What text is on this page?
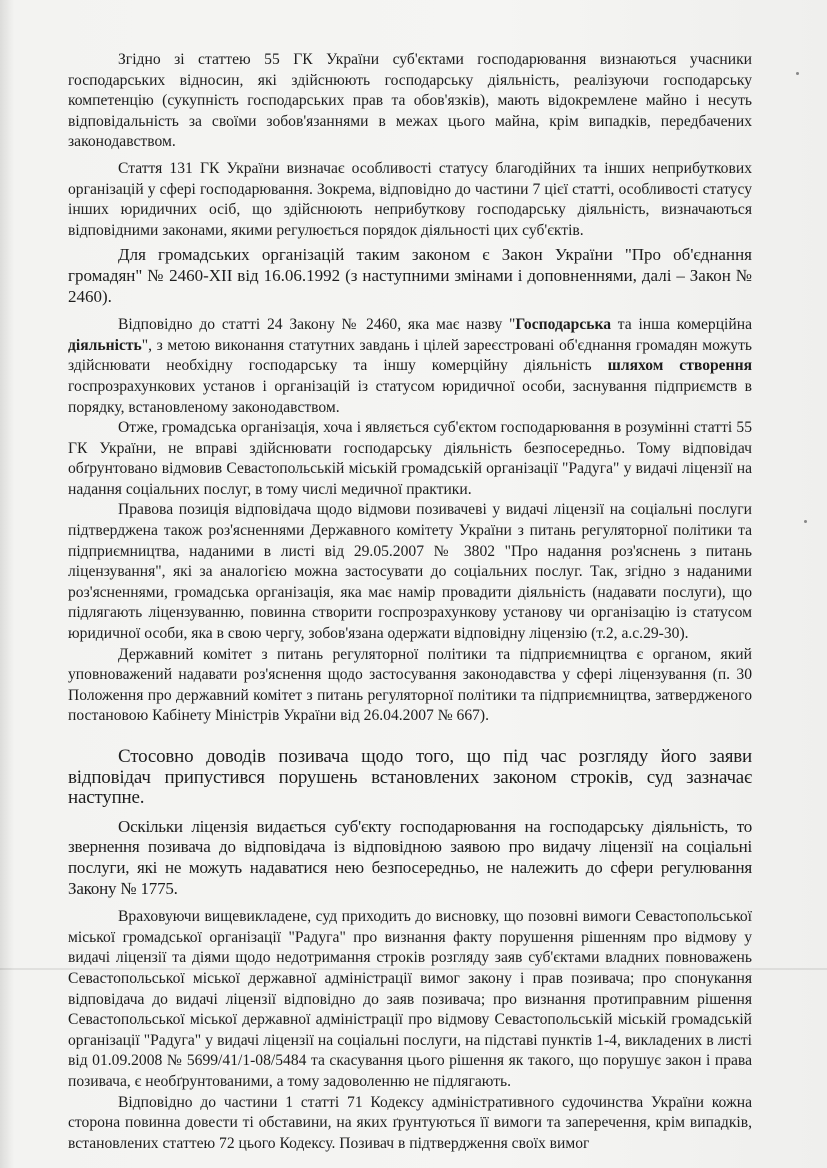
Згідно зі статтею 55 ГК України суб'єктами господарювання визнаються учасники господарських відносин, які здійснюють господарську діяльність, реалізуючи господарську компетенцію (сукупність господарських прав та обов'язків), мають відокремлене майно і несуть відповідальність за своїми зобов'язаннями в межах цього майна, крім випадків, передбачених законодавством.

Стаття 131 ГК України визначає особливості статусу благодійних та інших неприбуткових організацій у сфері господарювання. Зокрема, відповідно до частини 7 цієї статті, особливості статусу інших юридичних осіб, що здійснюють неприбуткову господарську діяльність, визначаються відповідними законами, якими регулюється порядок діяльності цих суб'єктів.

Для громадських організацій таким законом є Закон України "Про об'єднання громадян" № 2460-XII від 16.06.1992 (з наступними змінами і доповненнями, далі – Закон № 2460).

Відповідно до статті 24 Закону № 2460, яка має назву "Господарська та інша комерційна діяльність", з метою виконання статутних завдань і цілей зареєстровані об'єднання громадян можуть здійснювати необхідну господарську та іншу комерційну діяльність шляхом створення госпрозрахункових установ і організацій із статусом юридичної особи, заснування підприємств в порядку, встановленому законодавством.

Отже, громадська організація, хоча і являється суб'єктом господарювання в розумінні статті 55 ГК України, не вправі здійснювати господарську діяльність безпосередньо. Тому відповідач обґрунтовано відмовив Севастопольській міській громадській організації "Радуга" у видачі ліцензії на надання соціальних послуг, в тому числі медичної практики.

Правова позиція відповідача щодо відмови позивачеві у видачі ліцензії на соціальні послуги підтверджена також роз'ясненнями Державного комітету України з питань регуляторної політики та підприємництва, наданими в листі від 29.05.2007 № 3802 "Про надання роз'яснень з питань ліцензування", які за аналогією можна застосувати до соціальних послуг. Так, згідно з наданими роз'ясненнями, громадська організація, яка має намір провадити діяльність (надавати послуги), що підлягають ліцензуванню, повинна створити госпрозрахункову установу чи організацію із статусом юридичної особи, яка в свою чергу, зобов'язана одержати відповідну ліцензію (т.2, а.с.29-30).

Державний комітет з питань регуляторної політики та підприємництва є органом, який уповноважений надавати роз'яснення щодо застосування законодавства у сфері ліцензування (п. 30 Положення про державний комітет з питань регуляторної політики та підприємництва, затвердженого постановою Кабінету Міністрів України від 26.04.2007 № 667).

Стосовно доводів позивача щодо того, що під час розгляду його заяви відповідач припустився порушень встановлених законом строків, суд зазначає наступне.

Оскільки ліцензія видається суб'єкту господарювання на господарську діяльність, то звернення позивача до відповідача із відповідною заявою про видачу ліцензії на соціальні послуги, які не можуть надаватися нею безпосередньо, не належить до сфери регулювання Закону № 1775.

Враховуючи вищевикладене, суд приходить до висновку, що позовні вимоги Севастопольської міської громадської організації "Радуга" про визнання факту порушення рішенням про відмову у видачі ліцензії та діями щодо недотримання строків розгляду заяв суб'єктами владних повноважень Севастопольської міської державної адміністрації вимог закону і прав позивача; про спонукання відповідача до видачі ліцензії відповідно до заяв позивача; про визнання протиправним рішення Севастопольської міської державної адміністрації про відмову Севастопольській міській громадській організації "Радуга" у видачі ліцензії на соціальні послуги, на підставі пунктів 1-4, викладених в листі від 01.09.2008 № 5699/41/1-08/5484 та скасування цього рішення як такого, що порушує закон і права позивача, є необґрунтованими, а тому задоволенню не підлягають.

Відповідно до частини 1 статті 71 Кодексу адміністративного судочинства України кожна сторона повинна довести ті обставини, на яких ґрунтуються її вимоги та заперечення, крім випадків, встановлених статтею 72 цього Кодексу. Позивач в підтвердження своїх вимог
